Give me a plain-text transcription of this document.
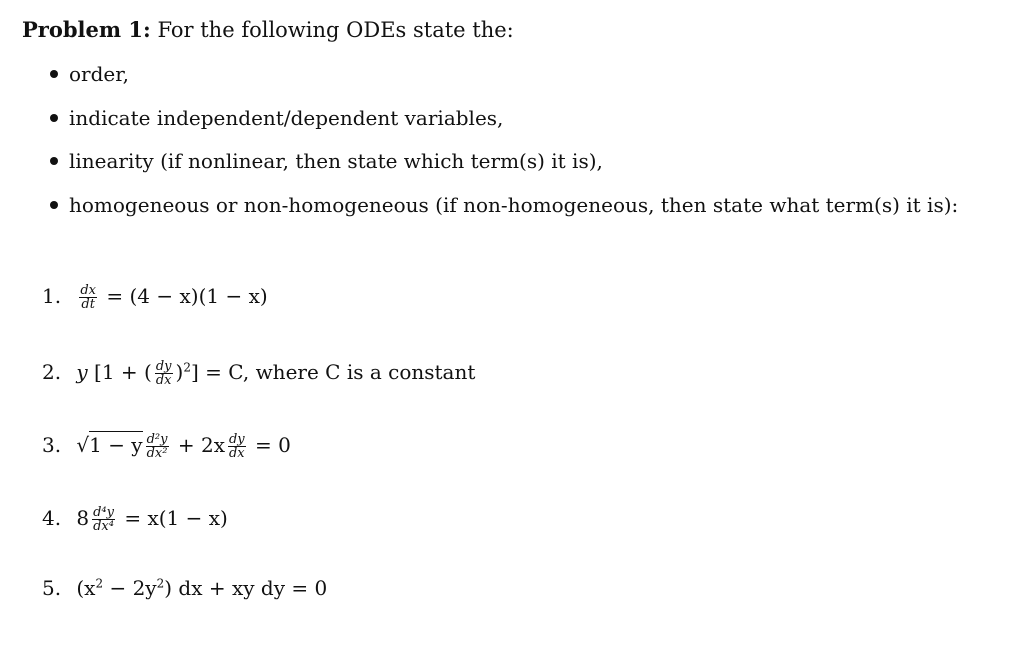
Problem 1: For the following ODEs state the:
order,
indicate independent/dependent variables,
linearity (if nonlinear, then state which term(s) it is),
homogeneous or non-homogeneous (if non-homogeneous, then state what term(s) it is):
1. $\frac{dx}{dt} = (4 - x)(1 - x)$
2. y [1 + ( $\frac{dy}{dx} )^2] = C$, where C is a constant
3. √1 − y $\frac{\text{d²y}}{\text{dx²}} + 2x \frac{dy}{dx} = 0$
4. $8 \frac{\text{d⁴y}}{\text{dx⁴}} = x(1 - x)$
5. $(x^2 - 2y^2)$ dx + xy dy = 0
